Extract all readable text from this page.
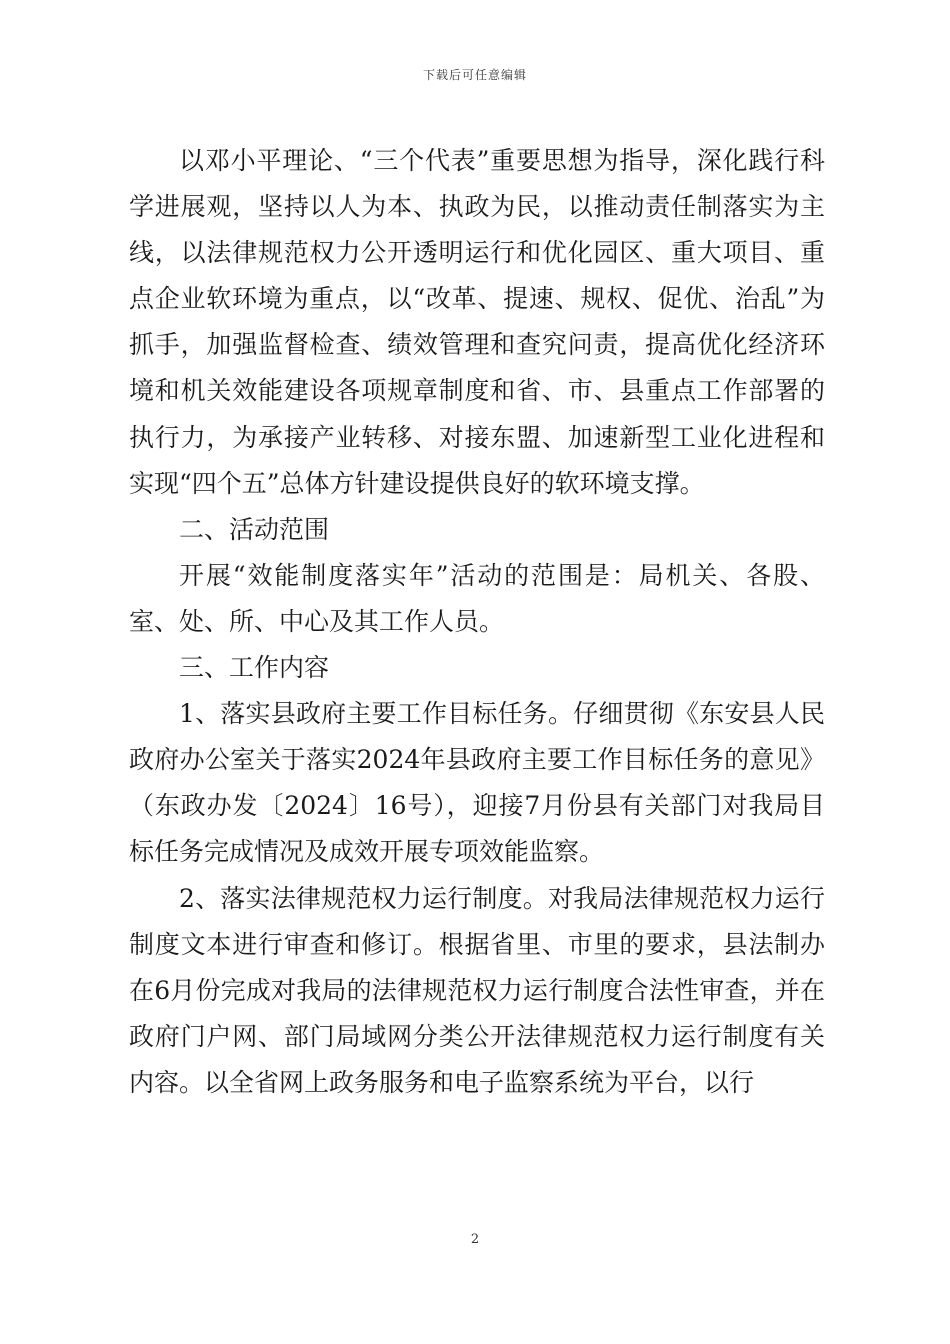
下载后可任意编辑

以邓小平理论、“三个代表”重要思想为指导，深化践行科学进展观，坚持以人为本、执政为民，以推动责任制落实为主线，以法律规范权力公开透明运行和优化园区、重大项目、重点企业软环境为重点，以“改革、提速、规权、促优、治乱”为抓手，加强监督检查、绩效管理和查究问责，提高优化经济环境和机关效能建设各项规章制度和省、市、县重点工作部署的执行力，为承接产业转移、对接东盟、加速新型工业化进程和实现“四个五”总体方针建设提供良好的软环境支撑。

二、活动范围

开展“效能制度落实年”活动的范围是：局机关、各股、室、处、所、中心及其工作人员。

三、工作内容

1、落实县政府主要工作目标任务。仔细贯彻《东安县人民政府办公室关于落实2024年县政府主要工作目标任务的意见》（东政办发〔2024〕16号），迎接7月份县有关部门对我局目标任务完成情况及成效开展专项效能监察。

2、落实法律规范权力运行制度。对我局法律规范权力运行制度文本进行审查和修订。根据省里、市里的要求，县法制办在6月份完成对我局的法律规范权力运行制度合法性审查，并在政府门户网、部门局域网分类公开法律规范权力运行制度有关内容。以全省网上政务服务和电子监察系统为平台，以行

2
